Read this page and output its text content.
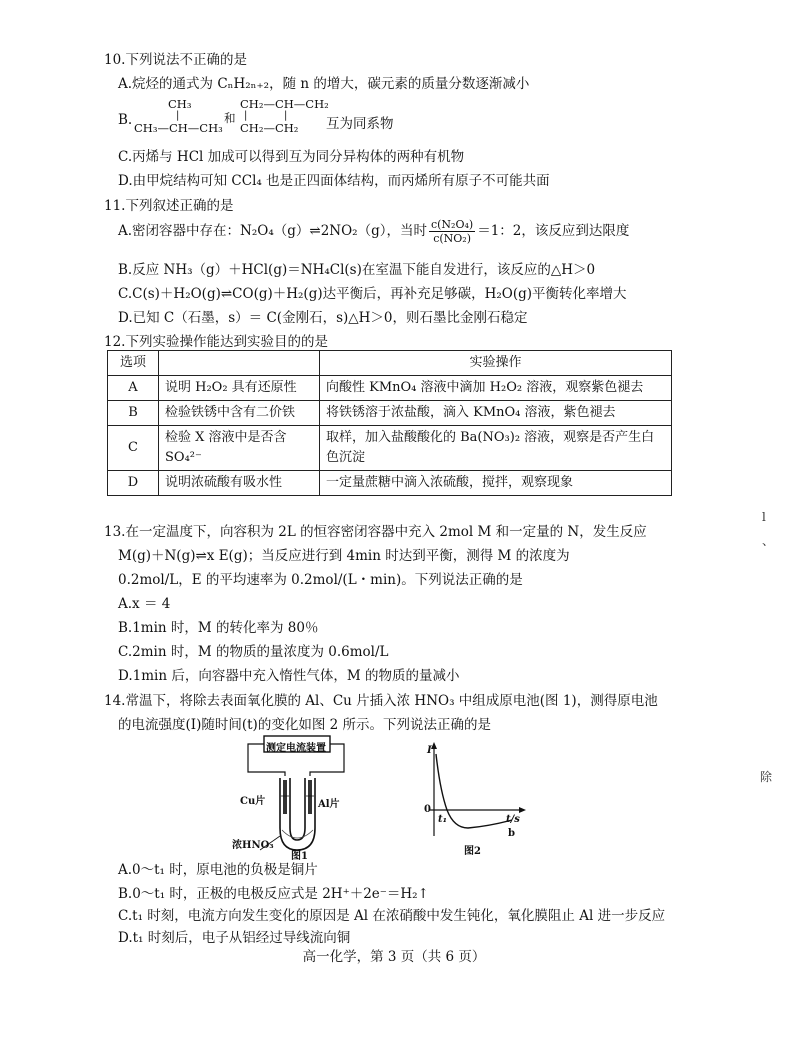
10.下列说法不正确的是
A.烷烃的通式为 CₙH₂ₙ₊₂，随 n 的增大，碳元素的质量分数逐渐减小
B.
CH₃
|
CH₃—CH—CH₃
和
CH₂—CH—CH₂
|	|
CH₂—CH₂ 互为同系物
C.丙烯与 HCl 加成可以得到互为同分异构体的两种有机物
D.由甲烷结构可知 CCl₄ 也是正四面体结构，而丙烯所有原子不可能共面
11.下列叙述正确的是
A.密闭容器中存在：N₂O₄（g）⇌2NO₂（g），当时 $\frac{\text{c(N₂O₄)}}{\text{c(NO₂)}} =1$：2，该反应到达限度
B.反应 NH₃（g）＋HCl(g)＝NH₄Cl(s)在室温下能自发进行，该反应的△H＞0
C.C(s)＋H₂O(g)⇌CO(g)＋H₂(g)达平衡后，再补充足够碳，H₂O(g)平衡转化率增大
D.已知 C（石墨，s）＝ C(金刚石，s)△H＞0，则石墨比金刚石稳定
12.下列实验操作能达到实验目的的是
选项		实验操作
A	说明 H₂O₂ 具有还原性	向酸性 KMnO₄ 溶液中滴加 H₂O₂ 溶液，观察紫色褪去
B	检验铁锈中含有二价铁	将铁锈溶于浓盐酸，滴入 KMnO₄ 溶液，紫色褪去
C	检验 X 溶液中是否含 SO₄²⁻	取样，加入盐酸酸化的 Ba(NO₃)₂ 溶液，观察是否产生白色沉淀
D	说明浓硫酸有吸水性	一定量蔗糖中滴入浓硫酸，搅拌，观察现象
13.在一定温度下，向容积为 2L 的恒容密闭容器中充入 2mol M 和一定量的 N，发生反应
M(g)＋N(g)⇌x E(g)；当反应进行到 4min 时达到平衡，测得 M 的浓度为
0.2mol/L，E 的平均速率为 0.2mol/(L・min)。下列说法正确的是
A.x ＝ 4
B.1min 时，M 的转化率为 80％
C.2min 时，M 的物质的量浓度为 0.6mol/L
D.1min 后，向容器中充入惰性气体，M 的物质的量减小
14.常温下，将除去表面氧化膜的 Al、Cu 片插入浓 HNO₃ 中组成原电池(图 1)，测得原电池
的电流强度(I)随时间(t)的变化如图 2 所示。下列说法正确的是
测定电流装置
Cu片	Al片
浓HNO₃
图1
I
0
t₁	t/s
b
图2
A.0～t₁ 时，原电池的负极是铜片
B.0～t₁ 时，正极的电极反应式是 2H⁺＋2e⁻＝H₂↑
C.t₁ 时刻，电流方向发生变化的原因是 Al 在浓硝酸中发生钝化，氧化膜阻止 Al 进一步反应
D.t₁ 时刻后，电子从铝经过导线流向铜
高一化学，第 3 页（共 6 页）
l
、
除
